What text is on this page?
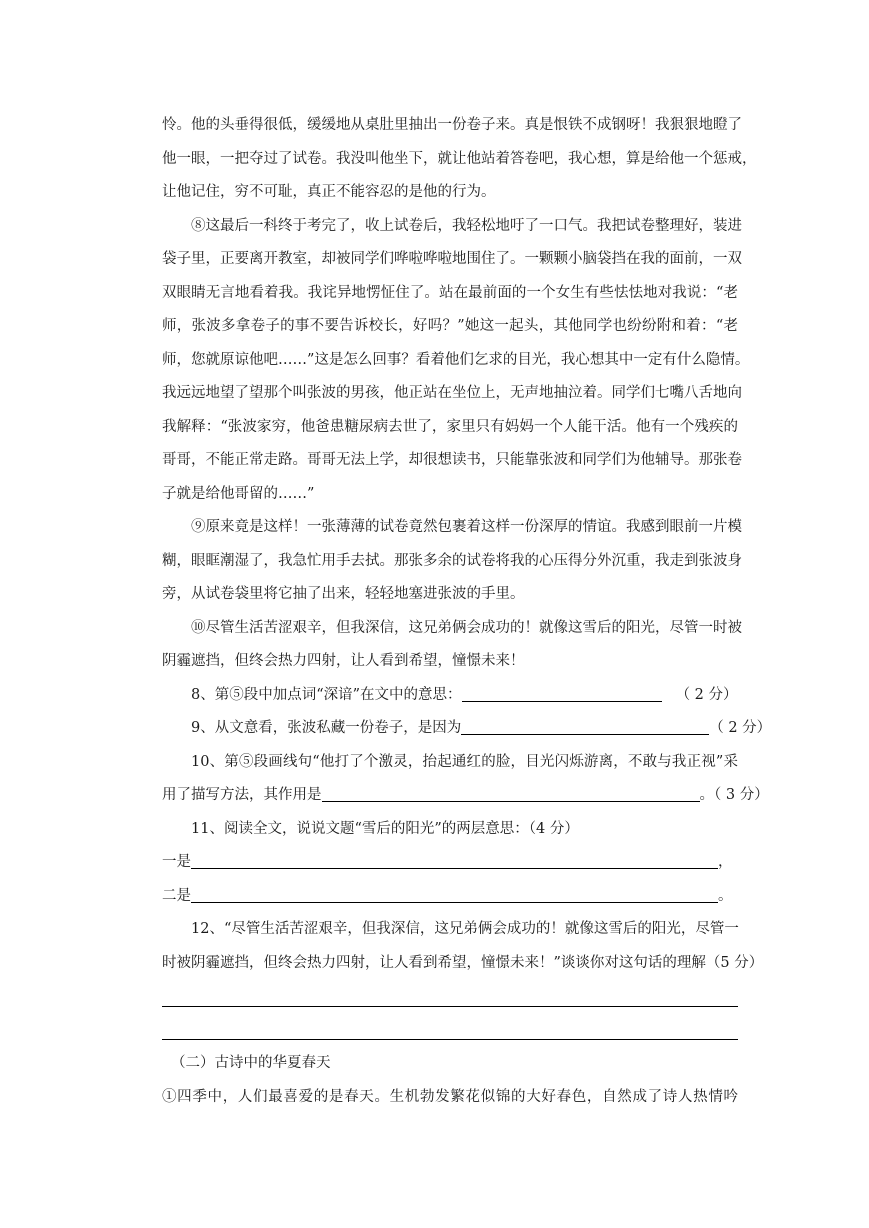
怜。他的头垂得很低，缓缓地从桌肚里抽出一份卷子来。真是恨铁不成钢呀！我狠狠地瞪了
他一眼，一把夺过了试卷。我没叫他坐下，就让他站着答卷吧，我心想，算是给他一个惩戒，
让他记住，穷不可耻，真正不能容忍的是他的行为。
⑧这最后一科终于考完了，收上试卷后，我轻松地吁了一口气。我把试卷整理好，装进
袋子里，正要离开教室，却被同学们哗啦哗啦地围住了。一颗颗小脑袋挡在我的面前，一双
双眼睛无言地看着我。我诧异地愣怔住了。站在最前面的一个女生有些怯怯地对我说：“老
师，张波多拿卷子的事不要告诉校长，好吗？”她这一起头，其他同学也纷纷附和着：“老
师，您就原谅他吧……”这是怎么回事？看着他们乞求的目光，我心想其中一定有什么隐情。
我远远地望了望那个叫张波的男孩，他正站在坐位上，无声地抽泣着。同学们七嘴八舌地向
我解释：“张波家穷，他爸患糖尿病去世了，家里只有妈妈一个人能干活。他有一个残疾的
哥哥，不能正常走路。哥哥无法上学，却很想读书，只能靠张波和同学们为他辅导。那张卷
子就是给他哥留的……”
⑨原来竟是这样！一张薄薄的试卷竟然包裹着这样一份深厚的情谊。我感到眼前一片模
糊，眼眶潮湿了，我急忙用手去拭。那张多余的试卷将我的心压得分外沉重，我走到张波身
旁，从试卷袋里将它抽了出来，轻轻地塞进张波的手里。
⑩尽管生活苦涩艰辛，但我深信，这兄弟俩会成功的！就像这雪后的阳光，尽管一时被
阴霾遮挡，但终会热力四射，让人看到希望，憧憬未来！
8、第⑤段中加点词“深谙”在文中的意思：	（ 2 分）
9、从文意看，张波私藏一份卷子，是因为	（ 2 分）
10、第⑤段画线句“他打了个激灵，抬起通红的脸，目光闪烁游离，不敢与我正视”采
用了描写方法，其作用是	。（ 3 分）
11、阅读全文，说说文题“雪后的阳光”的两层意思：（4 分）
一是	，
二是	。
12、“尽管生活苦涩艰辛，但我深信，这兄弟俩会成功的！就像这雪后的阳光，尽管一
时被阴霾遮挡，但终会热力四射，让人看到希望，憧憬未来！”谈谈你对这句话的理解（5 分）
（二）古诗中的华夏春天
①四季中，人们最喜爱的是春天。生机勃发繁花似锦的大好春色，自然成了诗人热情吟
